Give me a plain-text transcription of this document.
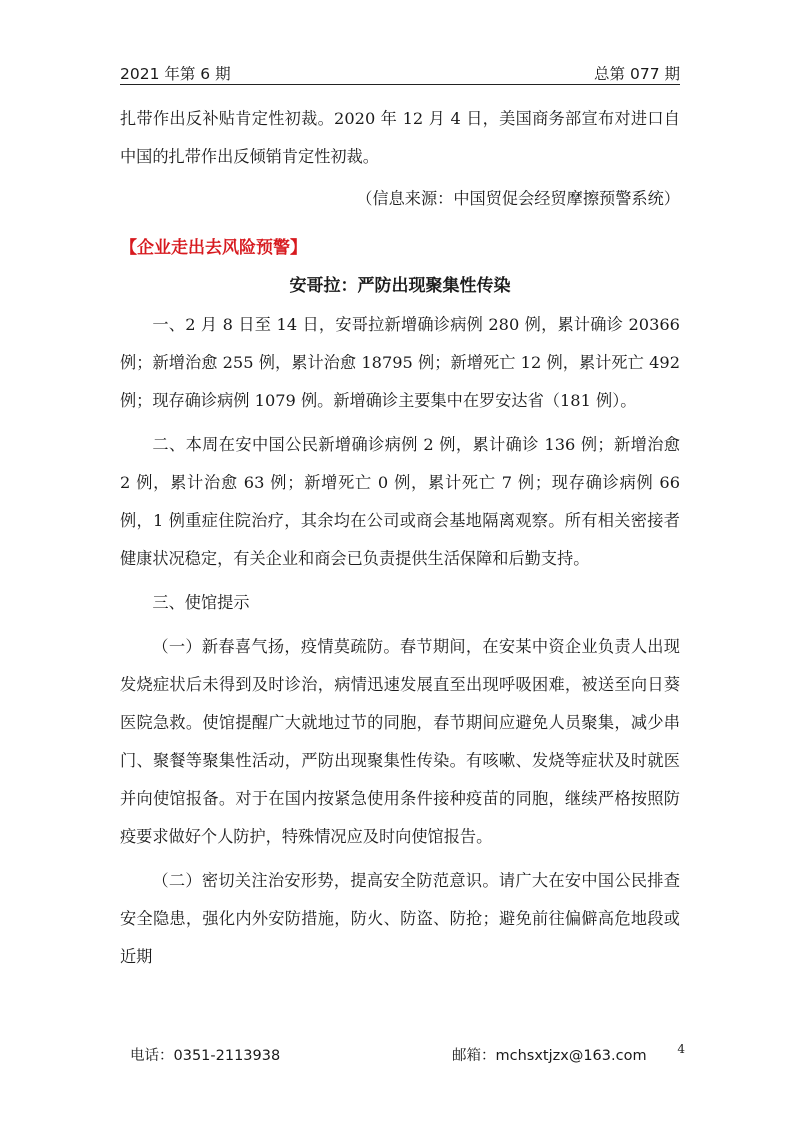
2021 年第 6 期	总第 077 期

扎带作出反补贴肯定性初裁。2020 年 12 月 4 日，美国商务部宣布对进口自中国的扎带作出反倾销肯定性初裁。

（信息来源：中国贸促会经贸摩擦预警系统）

【企业走出去风险预警】
安哥拉：严防出现聚集性传染

一、2 月 8 日至 14 日，安哥拉新增确诊病例 280 例，累计确诊 20366 例；新增治愈 255 例，累计治愈 18795 例；新增死亡 12 例，累计死亡 492 例；现存确诊病例 1079 例。新增确诊主要集中在罗安达省（181 例）。

二、本周在安中国公民新增确诊病例 2 例，累计确诊 136 例；新增治愈 2 例，累计治愈 63 例；新增死亡 0 例，累计死亡 7 例；现存确诊病例 66 例，1 例重症住院治疗，其余均在公司或商会基地隔离观察。所有相关密接者健康状况稳定，有关企业和商会已负责提供生活保障和后勤支持。

三、使馆提示

（一）新春喜气扬，疫情莫疏防。春节期间，在安某中资企业负责人出现发烧症状后未得到及时诊治，病情迅速发展直至出现呼吸困难，被送至向日葵医院急救。使馆提醒广大就地过节的同胞，春节期间应避免人员聚集，减少串门、聚餐等聚集性活动，严防出现聚集性传染。有咳嗽、发烧等症状及时就医并向使馆报备。对于在国内按紧急使用条件接种疫苗的同胞，继续严格按照防疫要求做好个人防护，特殊情况应及时向使馆报告。

（二）密切关注治安形势，提高安全防范意识。请广大在安中国公民排查安全隐患，强化内外安防措施，防火、防盗、防抢；避免前往偏僻高危地段或近期

电话：0351-2113938	邮箱：mchsxtjzx@163.com	4
